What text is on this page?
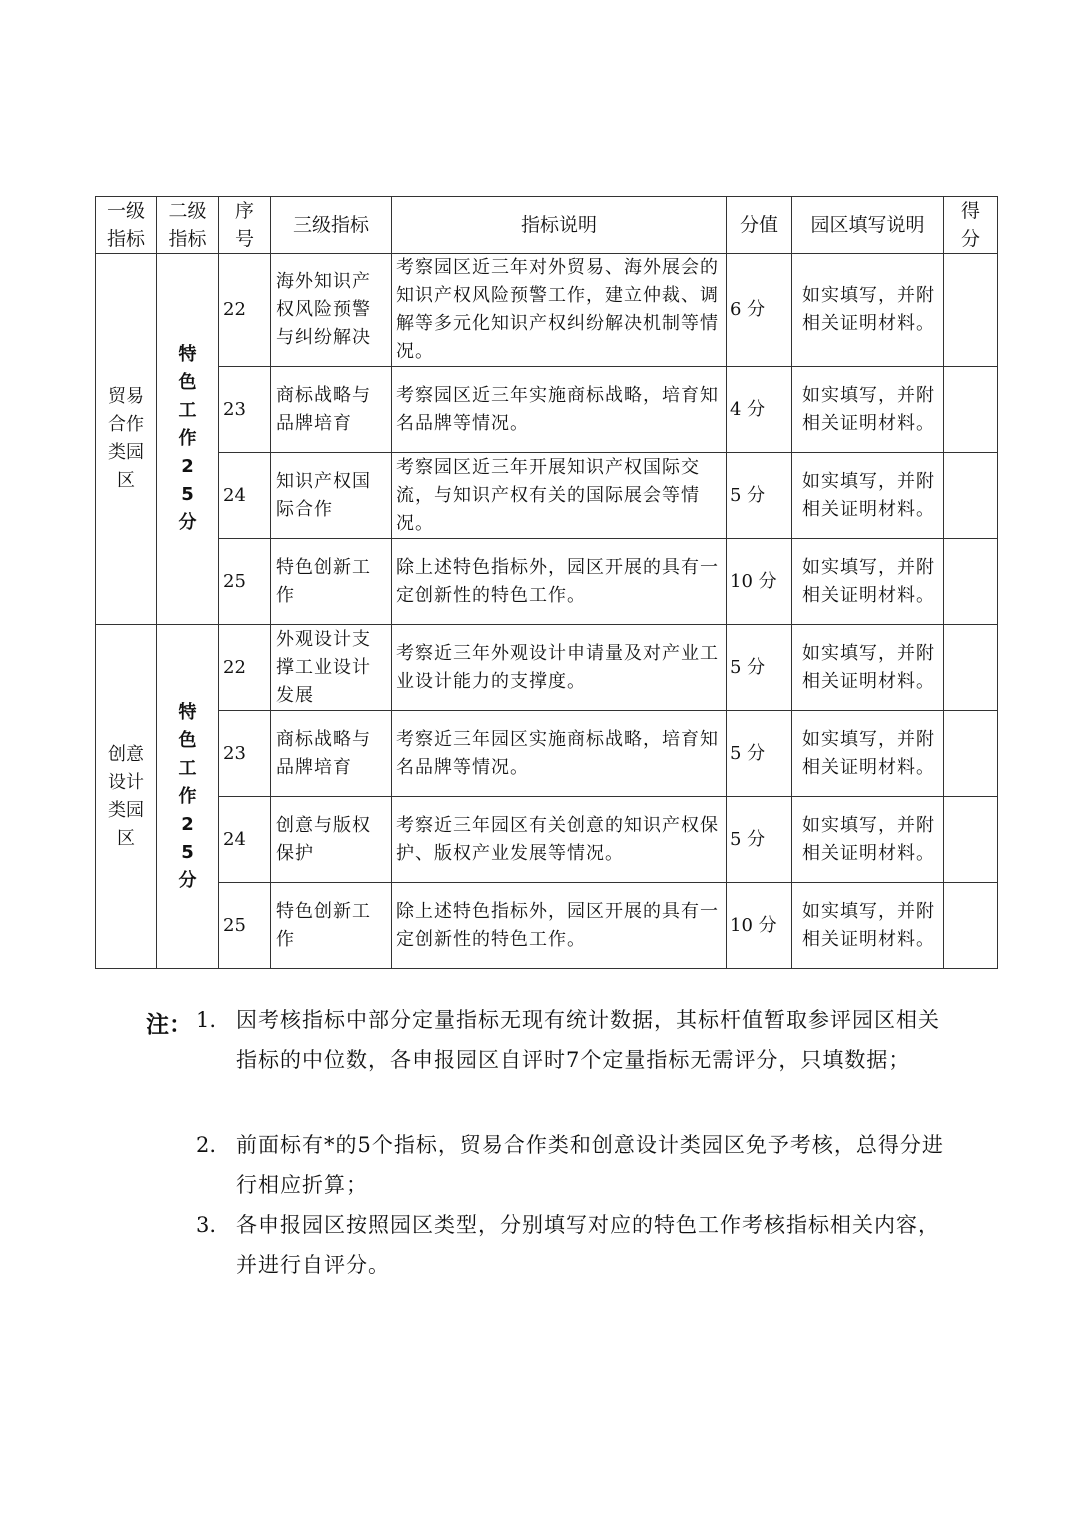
一级指标	二级指标	序号	三级指标	指标说明	分值	园区填写说明	得分
贸易合作类园区	特色工作25分	22	海外知识产权风险预警与纠纷解决	考察园区近三年对外贸易、海外展会的知识产权风险预警工作，建立仲裁、调解等多元化知识产权纠纷解决机制等情况。	6 分	如实填写，并附相关证明材料。	
		23	商标战略与品牌培育	考察园区近三年实施商标战略，培育知名品牌等情况。	4 分	如实填写，并附相关证明材料。	
		24	知识产权国际合作	考察园区近三年开展知识产权国际交流，与知识产权有关的国际展会等情况。	5 分	如实填写，并附相关证明材料。	
		25	特色创新工作	除上述特色指标外，园区开展的具有一定创新性的特色工作。	10 分	如实填写，并附相关证明材料。	
创意设计类园区	特色工作25分	22	外观设计支撑工业设计发展	考察近三年外观设计申请量及对产业工业设计能力的支撑度。	5 分	如实填写，并附相关证明材料。	
		23	商标战略与品牌培育	考察近三年园区实施商标战略，培育知名品牌等情况。	5 分	如实填写，并附相关证明材料。	
		24	创意与版权保护	考察近三年园区有关创意的知识产权保护、版权产业发展等情况。	5 分	如实填写，并附相关证明材料。	
		25	特色创新工作	除上述特色指标外，园区开展的具有一定创新性的特色工作。	10 分	如实填写，并附相关证明材料。	
注： 1. 因考核指标中部分定量指标无现有统计数据，其标杆值暂取参评园区相关指标的中位数，各申报园区自评时7个定量指标无需评分，只填数据；
2. 前面标有*的5个指标，贸易合作类和创意设计类园区免予考核，总得分进行相应折算；
3. 各申报园区按照园区类型，分别填写对应的特色工作考核指标相关内容，并进行自评分。
